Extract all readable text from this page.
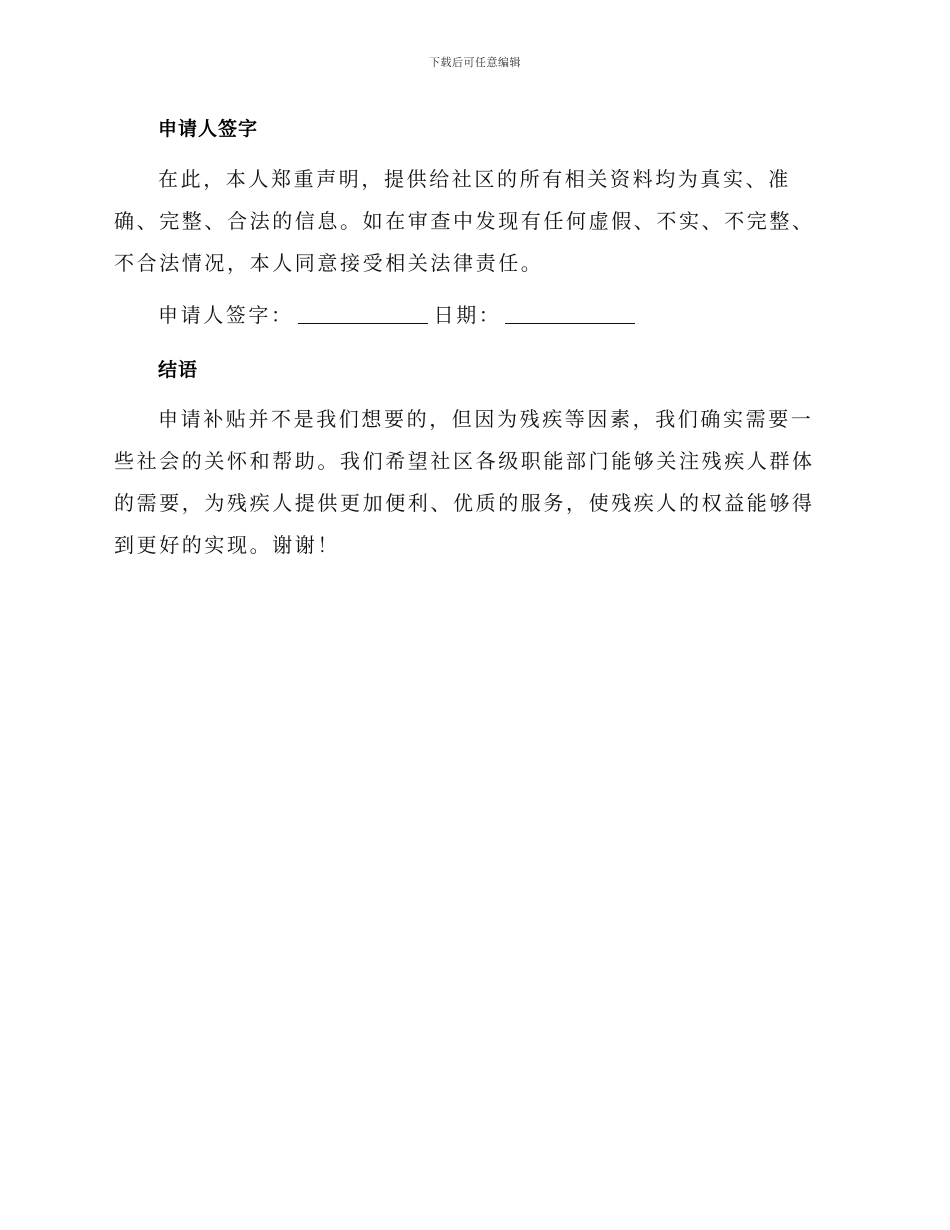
下载后可任意编辑
申请人签字

在此，本人郑重声明，提供给社区的所有相关资料均为真实、准确、完整、合法的信息。如在审查中发现有任何虚假、不实、不完整、不合法情况，本人同意接受相关法律责任。

申请人签字：	日期：
结语

申请补贴并不是我们想要的，但因为残疾等因素，我们确实需要一些社会的关怀和帮助。我们希望社区各级职能部门能够关注残疾人群体的需要，为残疾人提供更加便利、优质的服务，使残疾人的权益能够得到更好的实现。谢谢！
